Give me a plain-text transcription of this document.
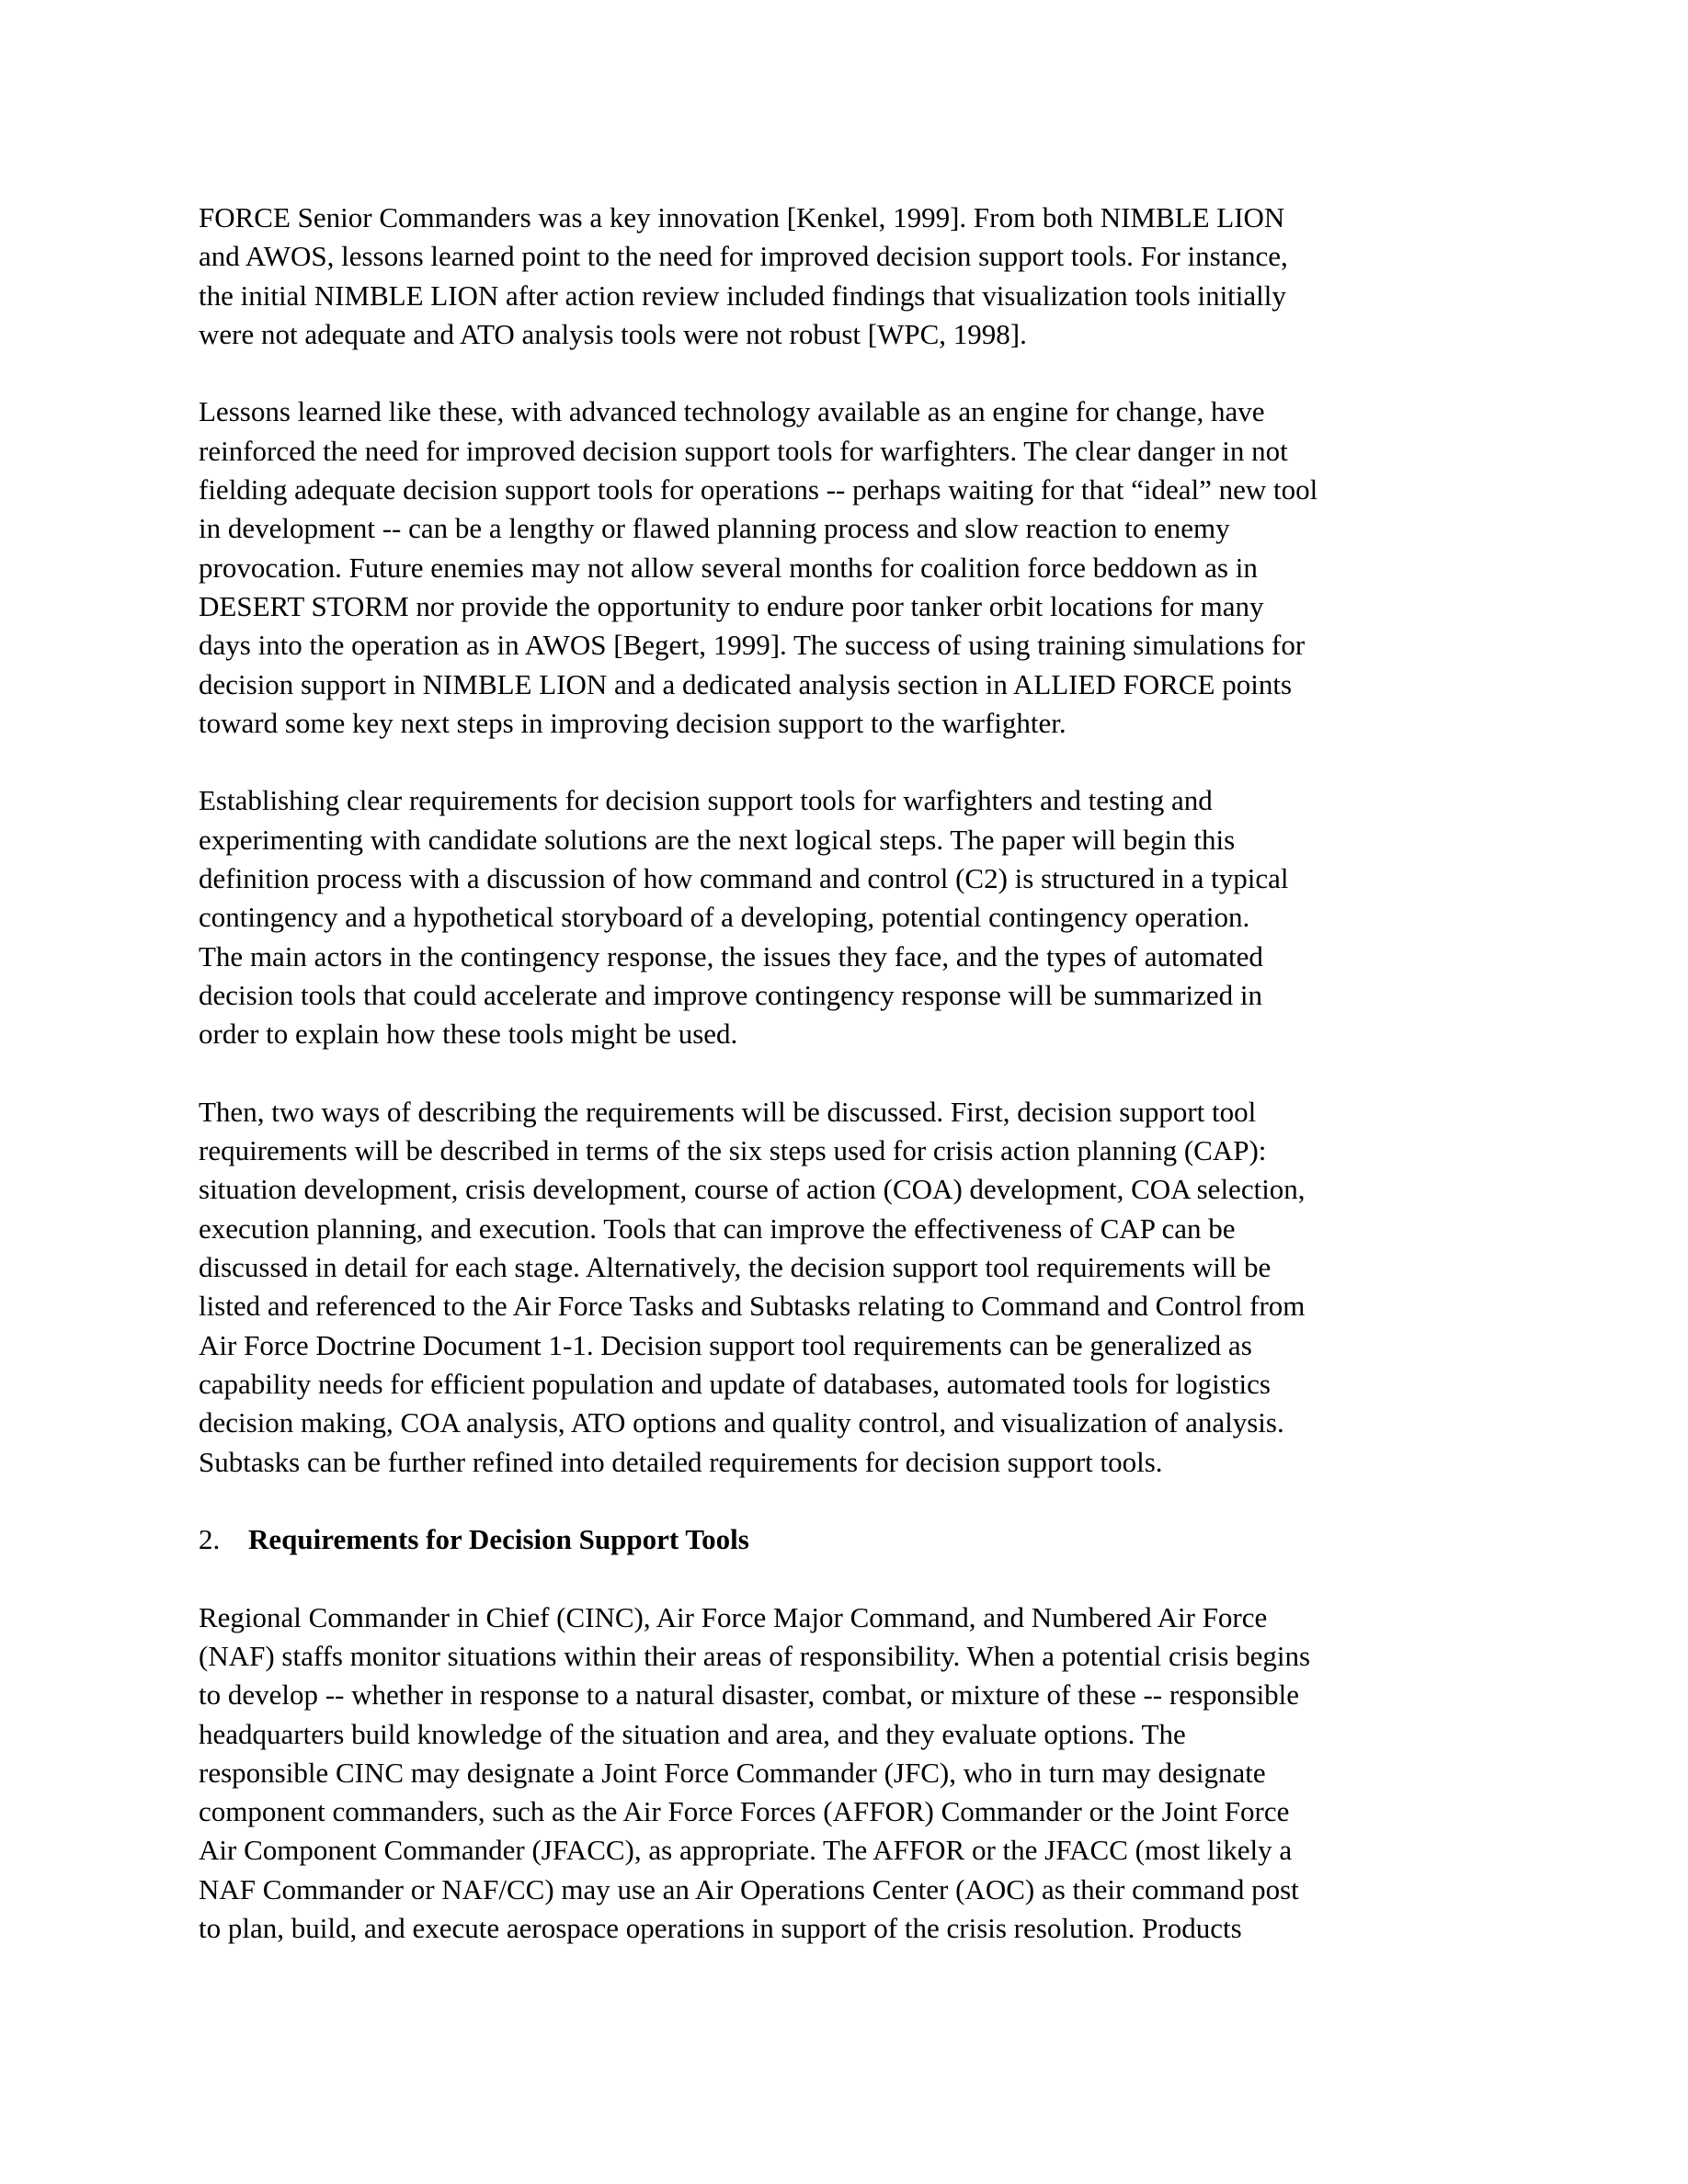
FORCE Senior Commanders was a key innovation [Kenkel, 1999]. From both NIMBLE LION
and AWOS, lessons learned point to the need for improved decision support tools. For instance,
the initial NIMBLE LION after action review included findings that visualization tools initially
were not adequate and ATO analysis tools were not robust [WPC, 1998].

Lessons learned like these, with advanced technology available as an engine for change, have
reinforced the need for improved decision support tools for warfighters. The clear danger in not
fielding adequate decision support tools for operations -- perhaps waiting for that “ideal” new tool
in development -- can be a lengthy or flawed planning process and slow reaction to enemy
provocation. Future enemies may not allow several months for coalition force beddown as in
DESERT STORM nor provide the opportunity to endure poor tanker orbit locations for many
days into the operation as in AWOS [Begert, 1999]. The success of using training simulations for
decision support in NIMBLE LION and a dedicated analysis section in ALLIED FORCE points
toward some key next steps in improving decision support to the warfighter.

Establishing clear requirements for decision support tools for warfighters and testing and
experimenting with candidate solutions are the next logical steps. The paper will begin this
definition process with a discussion of how command and control (C2) is structured in a typical
contingency and a hypothetical storyboard of a developing, potential contingency operation.
The main actors in the contingency response, the issues they face, and the types of automated
decision tools that could accelerate and improve contingency response will be summarized in
order to explain how these tools might be used.

Then, two ways of describing the requirements will be discussed. First, decision support tool
requirements will be described in terms of the six steps used for crisis action planning (CAP):
situation development, crisis development, course of action (COA) development, COA selection,
execution planning, and execution. Tools that can improve the effectiveness of CAP can be
discussed in detail for each stage. Alternatively, the decision support tool requirements will be
listed and referenced to the Air Force Tasks and Subtasks relating to Command and Control from
Air Force Doctrine Document 1-1. Decision support tool requirements can be generalized as
capability needs for efficient population and update of databases, automated tools for logistics
decision making, COA analysis, ATO options and quality control, and visualization of analysis.
Subtasks can be further refined into detailed requirements for decision support tools.

2. Requirements for Decision Support Tools

Regional Commander in Chief (CINC), Air Force Major Command, and Numbered Air Force
(NAF) staffs monitor situations within their areas of responsibility. When a potential crisis begins
to develop -- whether in response to a natural disaster, combat, or mixture of these -- responsible
headquarters build knowledge of the situation and area, and they evaluate options. The
responsible CINC may designate a Joint Force Commander (JFC), who in turn may designate
component commanders, such as the Air Force Forces (AFFOR) Commander or the Joint Force
Air Component Commander (JFACC), as appropriate. The AFFOR or the JFACC (most likely a
NAF Commander or NAF/CC) may use an Air Operations Center (AOC) as their command post
to plan, build, and execute aerospace operations in support of the crisis resolution. Products
